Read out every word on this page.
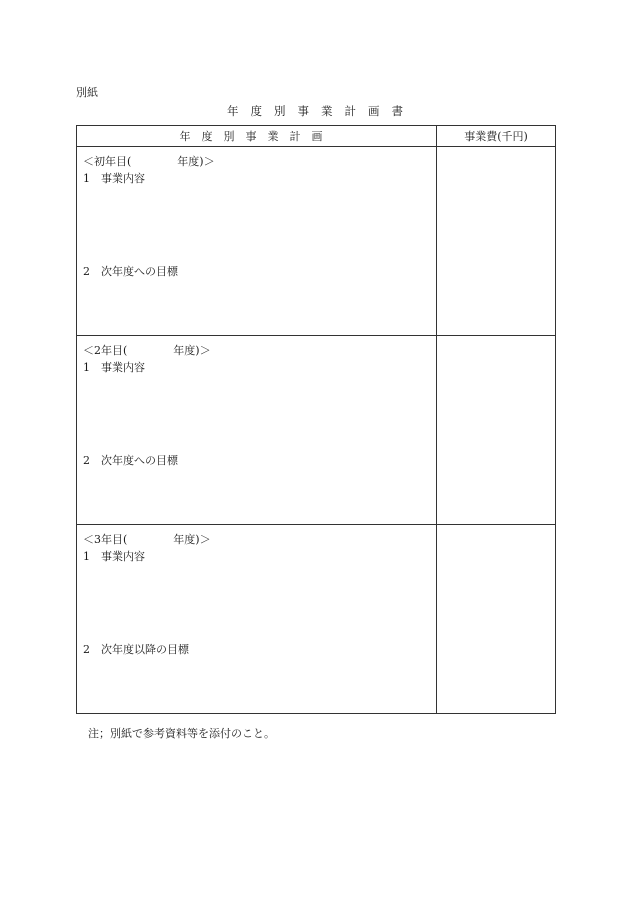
別紙
年度別事業計画書
年度別事業計画	事業費(千円)

＜初年目( 年度)＞
1 事業内容
2 次年度への目標	

＜2年目( 年度)＞
1 事業内容
2 次年度への目標	

＜3年目( 年度)＞
1 事業内容
2 次年度以降の目標	

注；別紙で参考資料等を添付のこと。
